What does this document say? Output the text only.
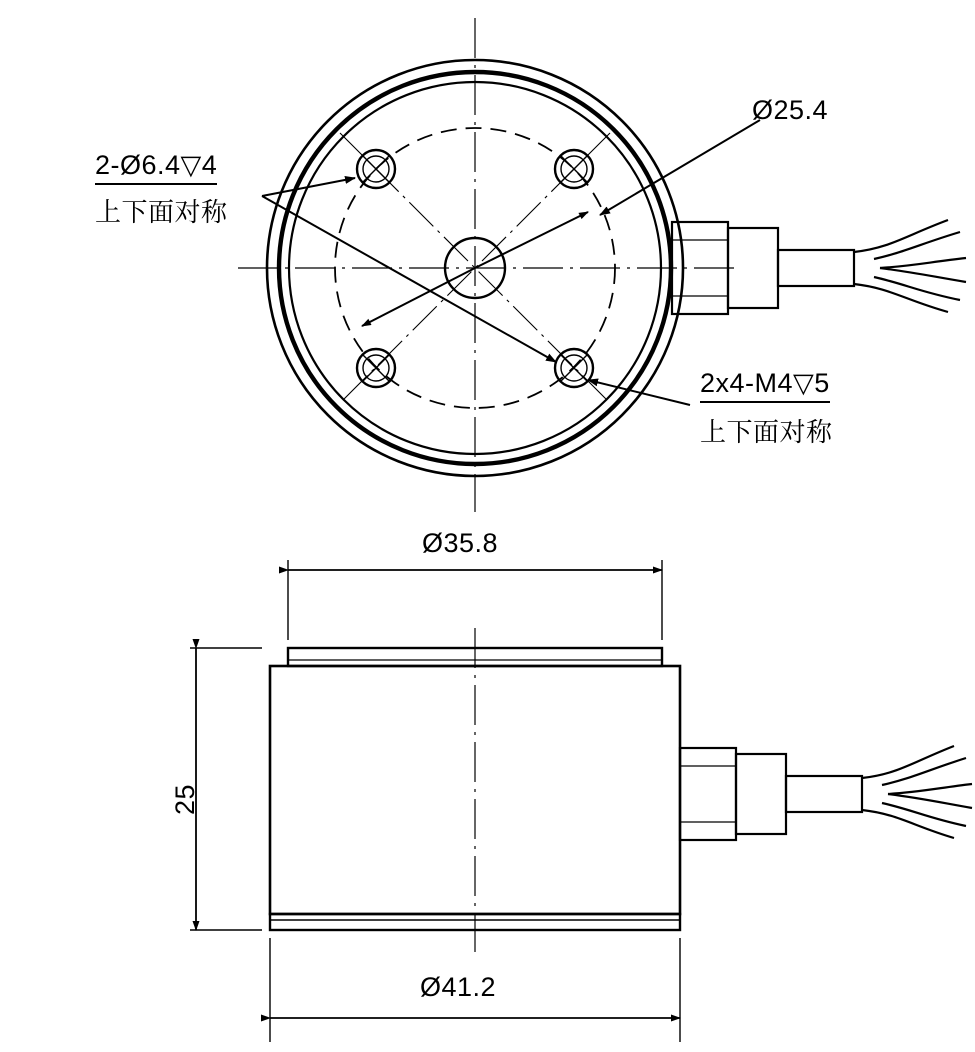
2-Ø6.4▽4
上下面对称
Ø25.4
2x4-M4▽5
上下面对称
Ø35.8
25
Ø41.2
